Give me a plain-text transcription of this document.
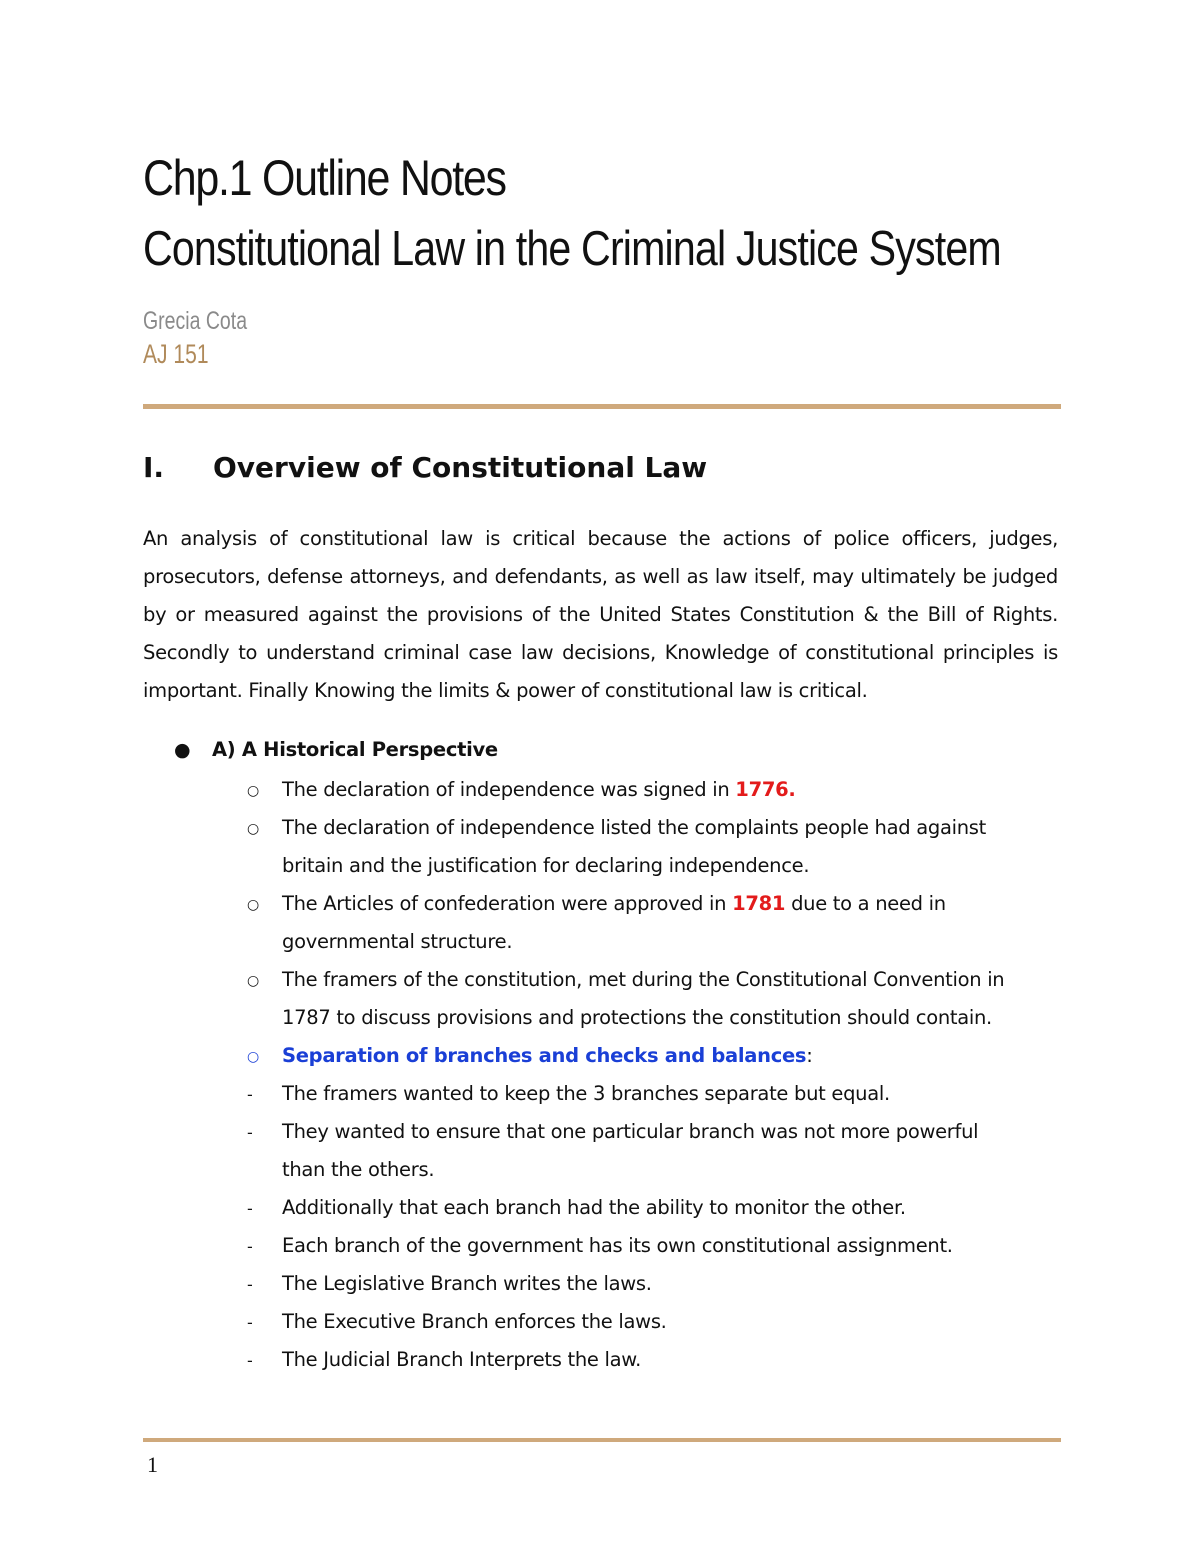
Chp.1 Outline Notes
Constitutional Law in the Criminal Justice System
Grecia Cota
AJ 151
I. Overview of Constitutional Law
An analysis of constitutional law is critical because the actions of police officers, judges, prosecutors, defense attorneys, and defendants, as well as law itself, may ultimately be judged by or measured against the provisions of the United States Constitution & the Bill of Rights. Secondly to understand criminal case law decisions, Knowledge of constitutional principles is important. Finally Knowing the limits & power of constitutional law is critical.
● A) A Historical Perspective
○ The declaration of independence was signed in 1776.
○ The declaration of independence listed the complaints people had against
britain and the justification for declaring independence.
○ The Articles of confederation were approved in 1781 due to a need in
governmental structure.
○ The framers of the constitution, met during the Constitutional Convention in
1787 to discuss provisions and protections the constitution should contain.
○ Separation of branches and checks and balances:
- The framers wanted to keep the 3 branches separate but equal.
- They wanted to ensure that one particular branch was not more powerful
than the others.
- Additionally that each branch had the ability to monitor the other.
- Each branch of the government has its own constitutional assignment.
- The Legislative Branch writes the laws.
- The Executive Branch enforces the laws.
- The Judicial Branch Interprets the law.
1
